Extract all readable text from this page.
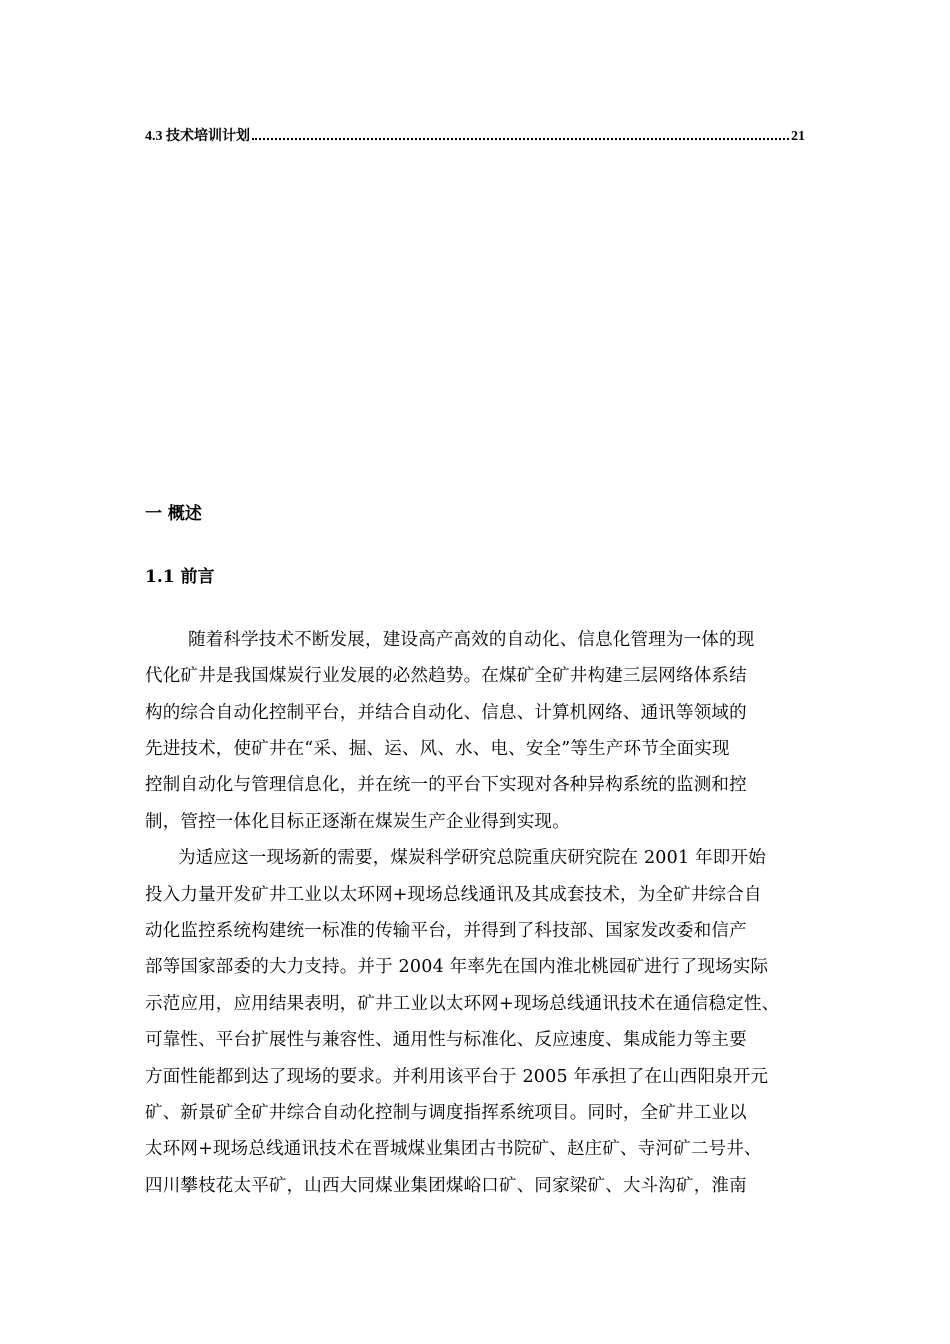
4.3 技术培训计划	21
一 概述
1.1 前言
随着科学技术不断发展，建设高产高效的自动化、信息化管理为一体的现
代化矿井是我国煤炭行业发展的必然趋势。在煤矿全矿井构建三层网络体系结
构的综合自动化控制平台，并结合自动化、信息、计算机网络、通讯等领域的
先进技术，使矿井在“采、掘、运、风、水、电、安全”等生产环节全面实现
控制自动化与管理信息化，并在统一的平台下实现对各种异构系统的监测和控
制，管控一体化目标正逐渐在煤炭生产企业得到实现。
为适应这一现场新的需要，煤炭科学研究总院重庆研究院在 2001 年即开始
投入力量开发矿井工业以太环网+现场总线通讯及其成套技术，为全矿井综合自
动化监控系统构建统一标准的传输平台，并得到了科技部、国家发改委和信产
部等国家部委的大力支持。并于 2004 年率先在国内淮北桃园矿进行了现场实际
示范应用，应用结果表明，矿井工业以太环网+现场总线通讯技术在通信稳定性、
可靠性、平台扩展性与兼容性、通用性与标准化、反应速度、集成能力等主要
方面性能都到达了现场的要求。并利用该平台于 2005 年承担了在山西阳泉开元
矿、新景矿全矿井综合自动化控制与调度指挥系统项目。同时，全矿井工业以
太环网+现场总线通讯技术在晋城煤业集团古书院矿、赵庄矿、寺河矿二号井、
四川攀枝花太平矿，山西大同煤业集团煤峪口矿、同家梁矿、大斗沟矿，淮南
